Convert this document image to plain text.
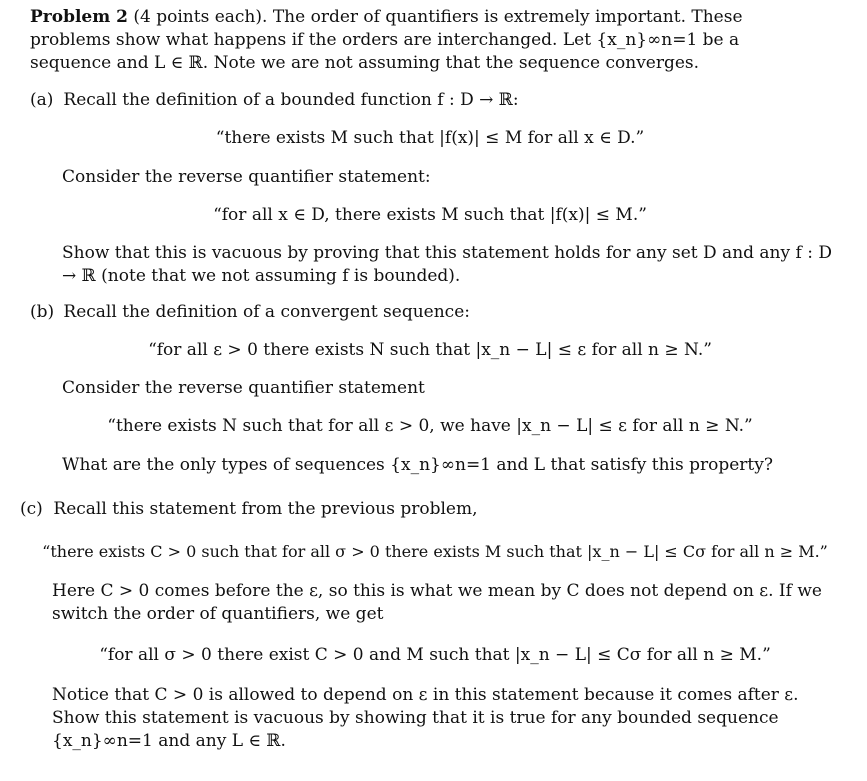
Problem 2 (4 points each). The order of quantifiers is extremely important. These problems show what happens if the orders are interchanged. Let {x_n}∞n=1 be a sequence and L ∈ ℝ. Note we are not assuming that the sequence converges.
(a) Recall the definition of a bounded function f : D → ℝ:
“there exists M such that |f(x)| ≤ M for all x ∈ D.”
Consider the reverse quantifier statement:
“for all x ∈ D, there exists M such that |f(x)| ≤ M.”
Show that this is vacuous by proving that this statement holds for any set D and any f : D → ℝ (note that we not assuming f is bounded).
(b) Recall the definition of a convergent sequence:
“for all ε > 0 there exists N such that |x_n − L| ≤ ε for all n ≥ N.”
Consider the reverse quantifier statement
“there exists N such that for all ε > 0, we have |x_n − L| ≤ ε for all n ≥ N.”
What are the only types of sequences {x_n}∞n=1 and L that satisfy this property?
(c) Recall this statement from the previous problem,
“there exists C > 0 such that for all σ > 0 there exists M such that |x_n − L| ≤ Cσ for all n ≥ M.”
Here C > 0 comes before the ε, so this is what we mean by C does not depend on ε. If we switch the order of quantifiers, we get
“for all σ > 0 there exist C > 0 and M such that |x_n − L| ≤ Cσ for all n ≥ M.”
Notice that C > 0 is allowed to depend on ε in this statement because it comes after ε. Show this statement is vacuous by showing that it is true for any bounded sequence {x_n}∞n=1 and any L ∈ ℝ.
